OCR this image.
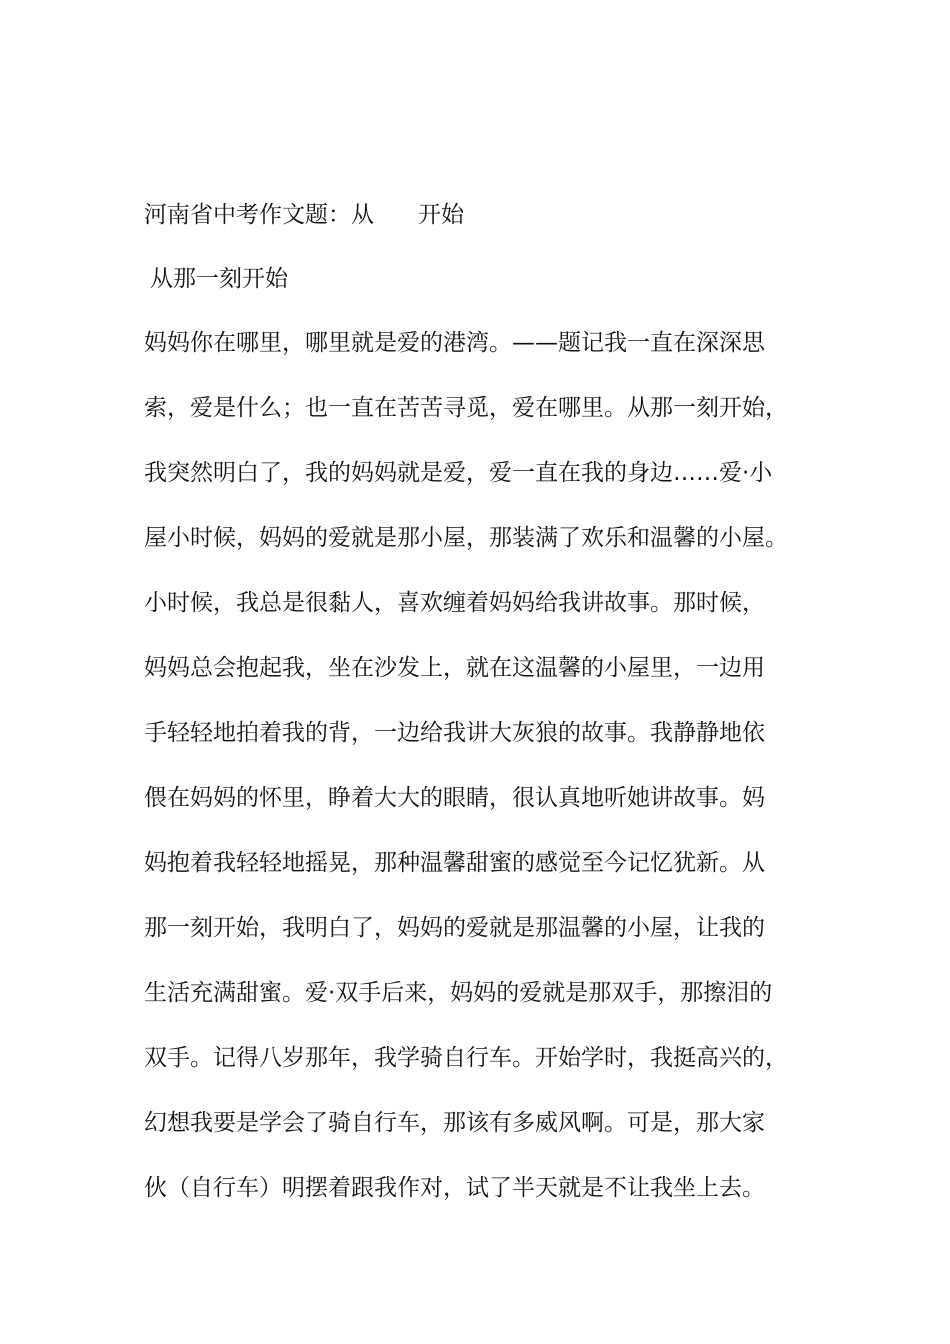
河南省中考作文题：从 开始
从那一刻开始
妈妈你在哪里，哪里就是爱的港湾。——题记我一直在深深思
索，爱是什么；也一直在苦苦寻觅，爱在哪里。从那一刻开始，
我突然明白了，我的妈妈就是爱，爱一直在我的身边……爱·小
屋小时候，妈妈的爱就是那小屋，那装满了欢乐和温馨的小屋。
小时候，我总是很黏人，喜欢缠着妈妈给我讲故事。那时候，
妈妈总会抱起我，坐在沙发上，就在这温馨的小屋里，一边用
手轻轻地拍着我的背，一边给我讲大灰狼的故事。我静静地依
偎在妈妈的怀里，睁着大大的眼睛，很认真地听她讲故事。妈
妈抱着我轻轻地摇晃，那种温馨甜蜜的感觉至今记忆犹新。从
那一刻开始，我明白了，妈妈的爱就是那温馨的小屋，让我的
生活充满甜蜜。爱·双手后来，妈妈的爱就是那双手，那擦泪的
双手。记得八岁那年，我学骑自行车。开始学时，我挺高兴的，
幻想我要是学会了骑自行车，那该有多威风啊。可是，那大家
伙（自行车）明摆着跟我作对，试了半天就是不让我坐上去。
